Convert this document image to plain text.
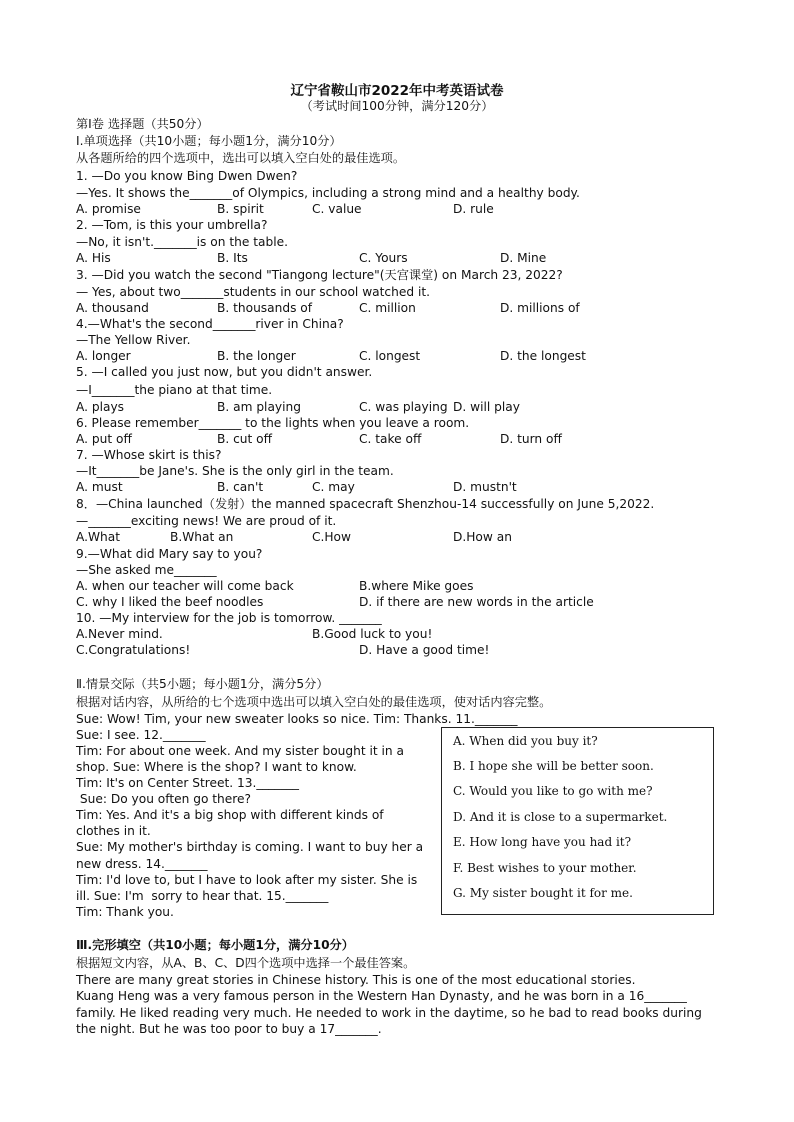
辽宁省鞍山市2022年中考英语试卷
（考试时间100分钟，满分120分）
第Ⅰ卷 选择题（共50分）
Ⅰ.单项选择（共10小题；每小题1分，满分10分）
从各题所给的四个选项中，选出可以填入空白处的最佳选项。
1. —Do you know Bing Dwen Dwen?
—Yes. It shows the_______of Olympics, including a strong mind and a healthy body.
A. promise	B. spirit	C. value	D. rule
2. —Tom, is this your umbrella?
—No, it isn't._______is on the table.
A. His	B. Its	C. Yours	D. Mine
3. —Did you watch the second "Tiangong lecture"(天宫课堂) on March 23, 2022?
— Yes, about two_______students in our school watched it.
A. thousand	B. thousands of	C. million	D. millions of
4.—What's the second_______river in China?
—The Yellow River.
A. longer	B. the longer	C. longest	D. the longest
5. —I called you just now, but you didn't answer.
—I_______the piano at that time.
A. plays	B. am playing	C. was playing D. will play
6. Please remember_______ to the lights when you leave a room.
A. put off	B. cut off	C. take off	D. turn off
7. —Whose skirt is this?
—It_______be Jane's. She is the only girl in the team.
A. must	B. can't	C. may	D. mustn't
8．—China launched（发射）the manned spacecraft Shenzhou-14 successfully on June 5,2022.
—_______exciting news! We are proud of it.
A.What	B.What an	C.How	D.How an
9.—What did Mary say to you?
—She asked me_______
A. when our teacher will come back	B.where Mike goes
C. why I liked the beef noodles	D. if there are new words in the article
10. —My interview for the job is tomorrow. _______
A.Never mind.	B.Good luck to you!
C.Congratulations!	D. Have a good time!
Ⅱ.情景交际（共5小题；每小题1分，满分5分）
根据对话内容，从所给的七个选项中选出可以填入空白处的最佳选项，使对话内容完整。
Sue: Wow! Tim, your new sweater looks so nice. Tim: Thanks. 11._______
Sue: I see. 12._______
Tim: For about one week. And my sister bought it in a
shop. Sue: Where is the shop? I want to know.
Tim: It's on Center Street. 13._______
Sue: Do you often go there?
Tim: Yes. And it's a big shop with different kinds of
clothes in it.
Sue: My mother's birthday is coming. I want to buy her a
new dress. 14._______
Tim: I'd love to, but I have to look after my sister. She is
ill. Sue: I'm  sorry to hear that. 15._______
Tim: Thank you.
A. When did you buy it?
B. I hope she will be better soon.
C. Would you like to go with me?
D. And it is close to a supermarket.
E. How long have you had it?
F. Best wishes to your mother.
G. My sister bought it for me.
Ⅲ.完形填空（共10小题；每小题1分，满分10分）
根据短文内容，从A、B、C、D四个选项中选择一个最佳答案。
There are many great stories in Chinese history. This is one of the most educational stories.
Kuang Heng was a very famous person in the Western Han Dynasty, and he was born in a 16_______
family. He liked reading very much. He needed to work in the daytime, so he bad to read books during
the night. But he was too poor to buy a 17_______.
